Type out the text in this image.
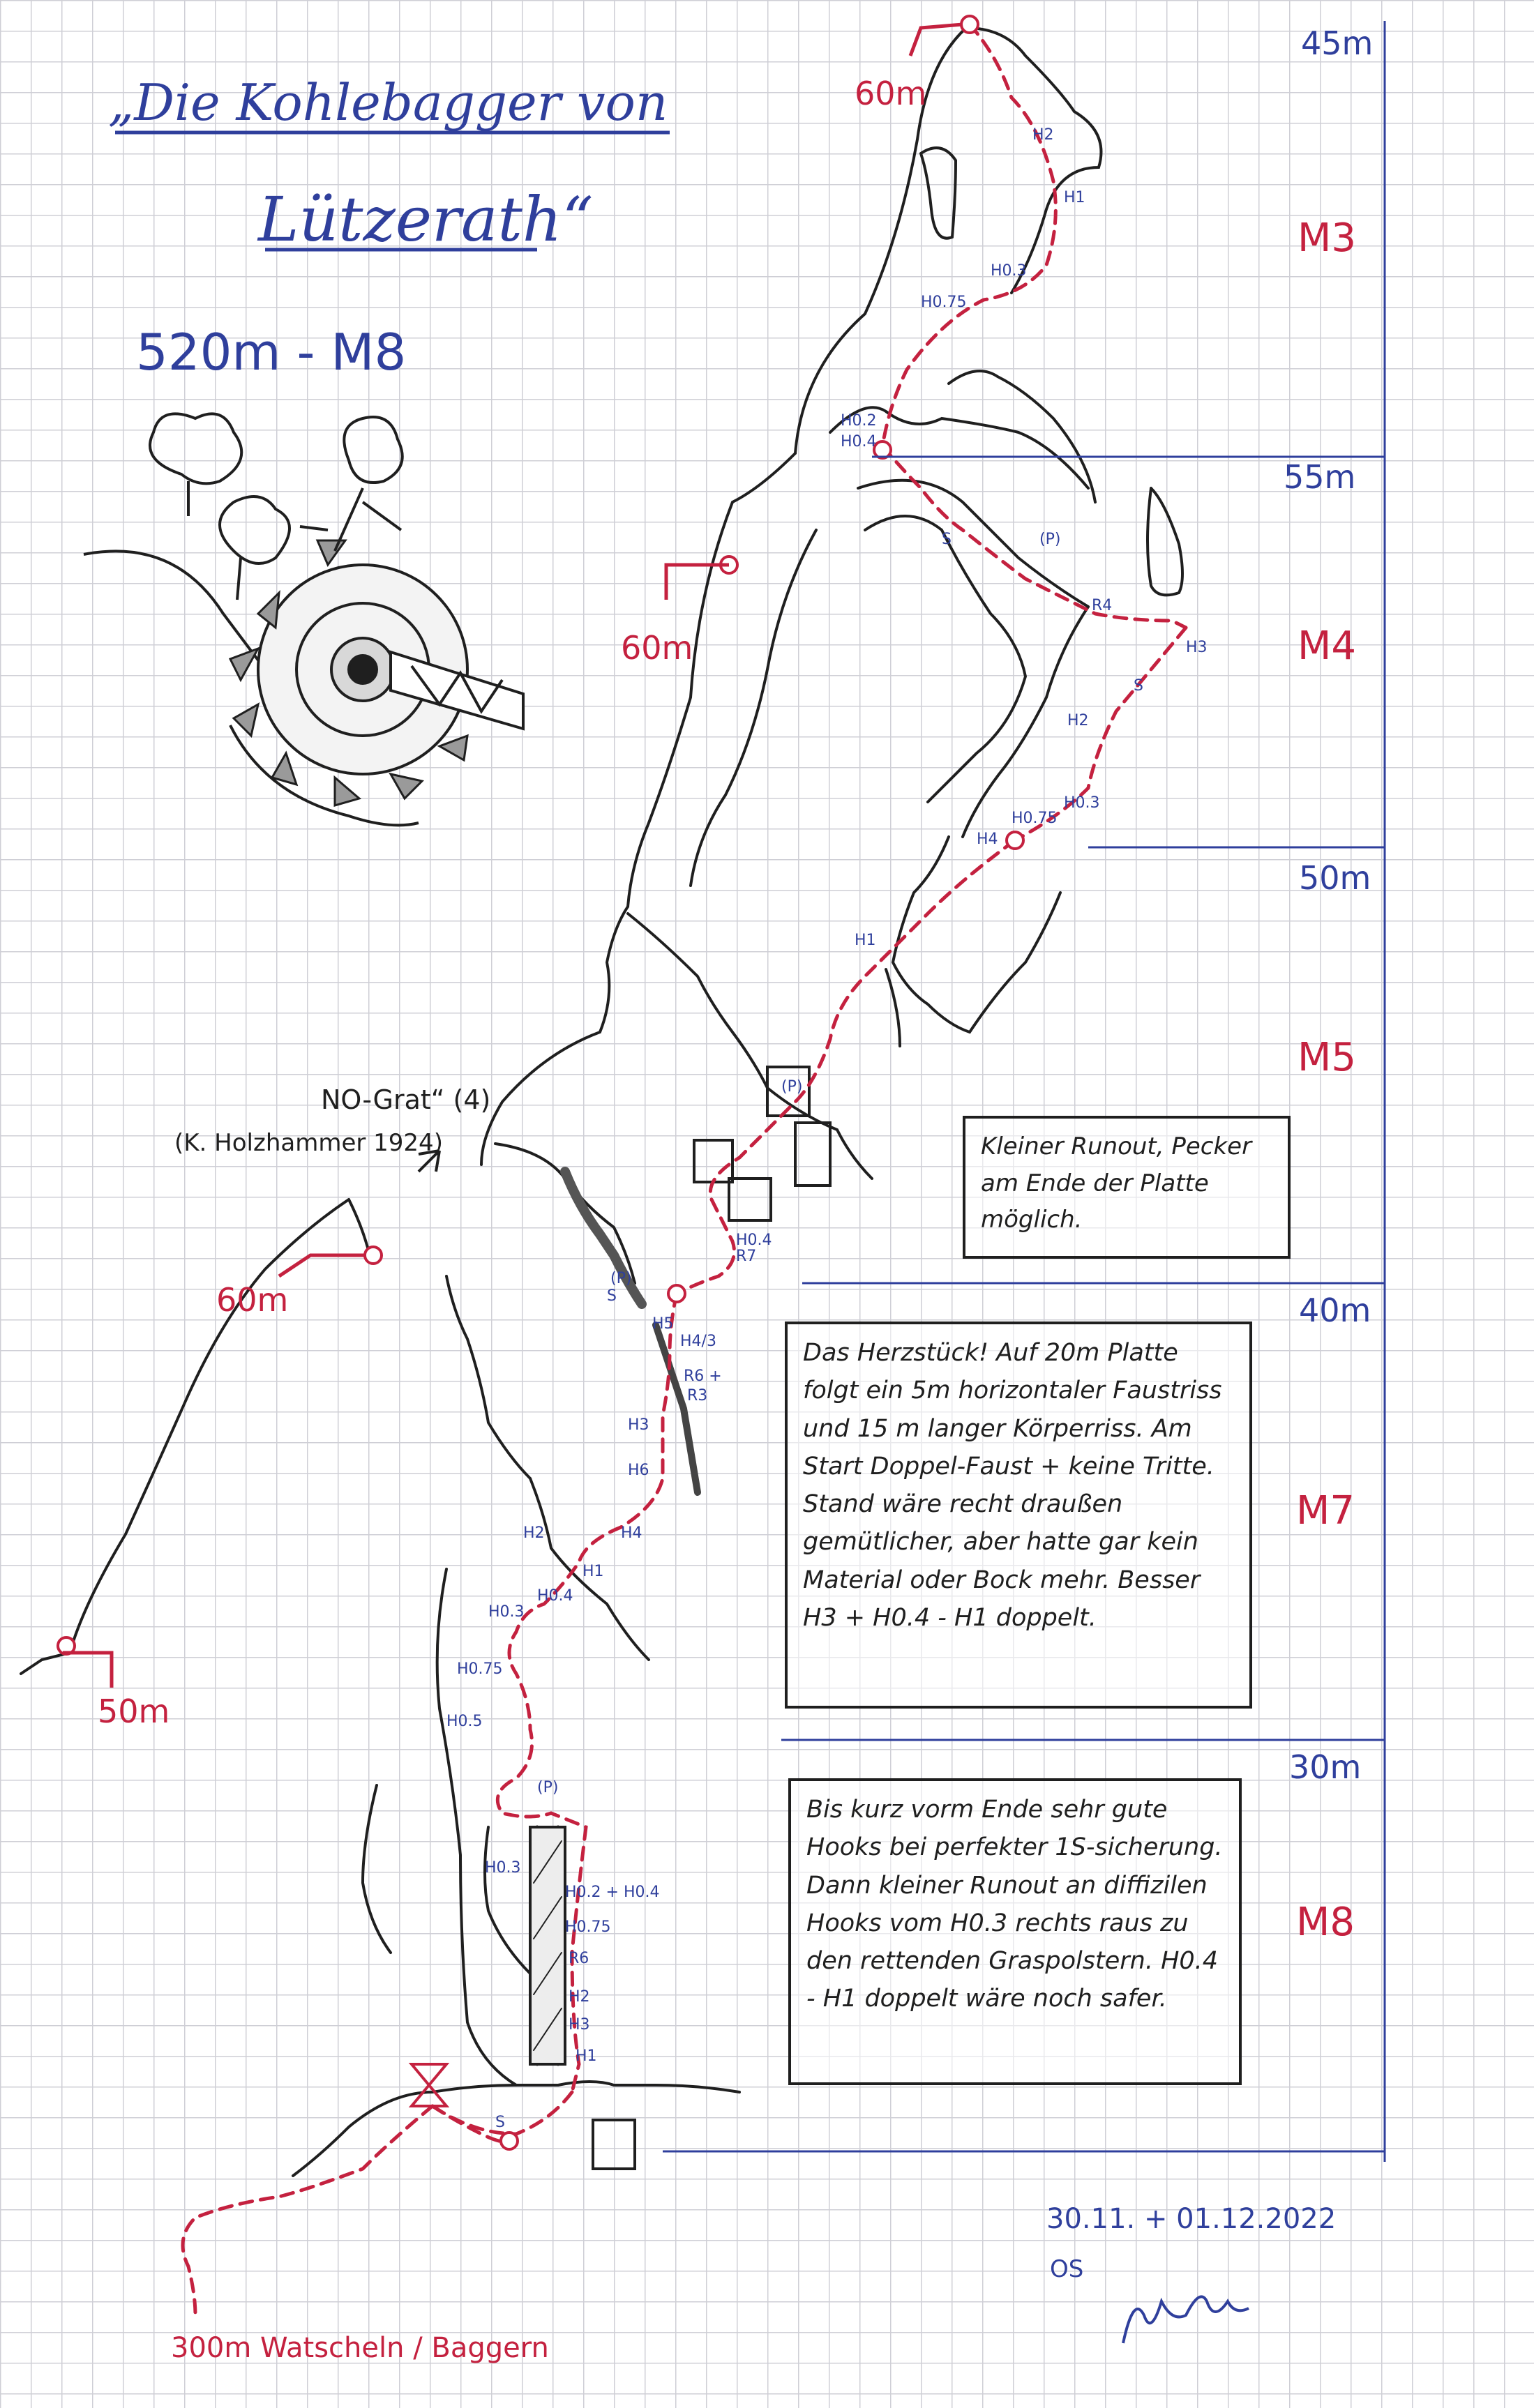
„Die Kohlebagger von
Lützerath“
520m - M8
45m
M3
55m
M4
50m
M5
40m
M7
30m
M8
60m
60m
60m
50m
NO-Grat“ (4)
(K. Holzhammer 1924)
H2
H1
H0.3
H0.75
H0.2
H0.4
S	(P)
R4
H3
S
H2
H0.3
H0.75
H4
H1
(P)
R7
H0.4
(P)
S
H5
H4/3
R6 +
R3
H3
H6
H2	H4
H1
H0.4
H0.3
H0.75
H0.5
(P)
H0.3
H0.2 + H0.4
H0.75
R6
H2
H3
H1
S
300m Watscheln / Baggern
30.11. + 01.12.2022
OS
Kleiner Runout, Pecker am Ende der Platte möglich.
Das Herzstück! Auf 20m Platte folgt ein 5m horizontaler Faustriss und 15 m langer Körperriss. Am Start Doppel-Faust + keine Tritte. Stand wäre recht draußen gemütlicher, aber hatte gar kein Material oder Bock mehr. Besser H3 + H0.4 - H1 doppelt.
Bis kurz vorm Ende sehr gute Hooks bei perfekter 1S-sicherung. Dann kleiner Runout an diffizilen Hooks vom H0.3 rechts raus zu den rettenden Graspolstern. H0.4 - H1 doppelt wäre noch safer.
